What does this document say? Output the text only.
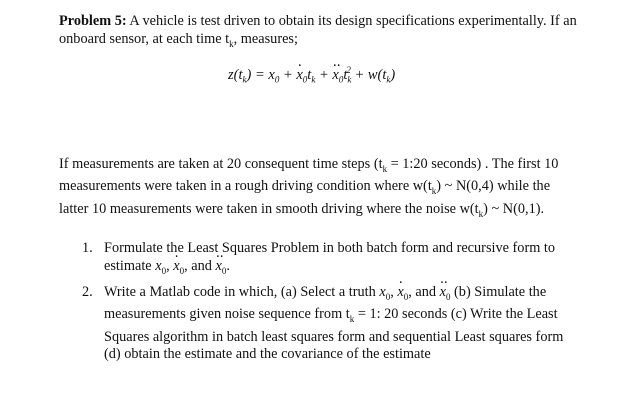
Problem 5: A vehicle is test driven to obtain its design specifications experimentally. If an onboard sensor, at each time $t_k$, measures;
$z(t_k) = x_0$ + · $x_0t_k$ + ·· $x_0t_k^2 + w(t_k)$
If measurements are taken at 20 consequent time steps ($t_k$ = 1:20 seconds) . The first 10 measurements were taken in a rough driving condition where $w(t_k)$ ~ N(0,4) while the latter 10 measurements were taken in smooth driving where the noise $w(t_k)$ ~ N(0,1).
1. Formulate the Least Squares Problem in both batch form and recursive form to estimate $x_0$, · $x_0$, and ·· $x_0$.
2. Write a Matlab code in which, (a) Select a truth $x_0$, · $x_0$, and ·· $x_0$ (b) Simulate the measurements given noise sequence from $t_k = 1$: 20 seconds (c) Write the Least Squares algorithm in batch least squares form and sequential Least squares form (d) obtain the estimate and the covariance of the estimate
